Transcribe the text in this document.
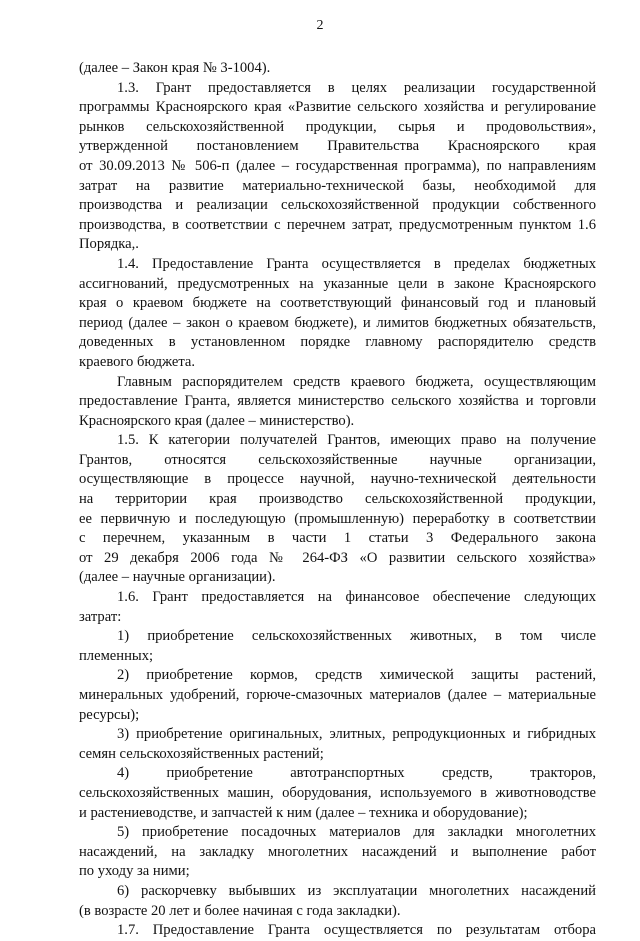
2

(далее – Закон края № 3-1004).

1.3. Грант предоставляется в целях реализации государственной
программы Красноярского края «Развитие сельского хозяйства и регулирование
рынков сельскохозяйственной продукции, сырья и продовольствия»,
утвержденной постановлением Правительства Красноярского края
от 30.09.2013 № 506-п (далее – государственная программа), по направлениям
затрат на развитие материально-технической базы, необходимой для
производства и реализации сельскохозяйственной продукции собственного
производства, в соответствии с перечнем затрат, предусмотренным пунктом 1.6
Порядка,.

1.4. Предоставление Гранта осуществляется в пределах бюджетных
ассигнований, предусмотренных на указанные цели в законе Красноярского
края о краевом бюджете на соответствующий финансовый год и плановый
период (далее – закон о краевом бюджете), и лимитов бюджетных обязательств,
доведенных в установленном порядке главному распорядителю средств
краевого бюджета.

Главным распорядителем средств краевого бюджета, осуществляющим
предоставление Гранта, является министерство сельского хозяйства и торговли
Красноярского края (далее – министерство).

1.5. К категории получателей Грантов, имеющих право на получение
Грантов, относятся сельскохозяйственные научные организации,
осуществляющие в процессе научной, научно-технической деятельности
на территории края производство сельскохозяйственной продукции,
ее первичную и последующую (промышленную) переработку в соответствии
с перечнем, указанным в части 1 статьи 3 Федерального закона
от 29 декабря 2006 года № 264-ФЗ «О развитии сельского хозяйства»
(далее – научные организации).

1.6. Грант предоставляется на финансовое обеспечение следующих
затрат:

1) приобретение сельскохозяйственных животных, в том числе
племенных;

2) приобретение кормов, средств химической защиты растений,
минеральных удобрений, горюче-смазочных материалов (далее – материальные
ресурсы);

3) приобретение оригинальных, элитных, репродукционных и гибридных
семян сельскохозяйственных растений;

4) приобретение автотранспортных средств, тракторов,
сельскохозяйственных машин, оборудования, используемого в животноводстве
и растениеводстве, и запчастей к ним (далее – техника и оборудование);

5) приобретение посадочных материалов для закладки многолетних
насаждений, на закладку многолетних насаждений и выполнение работ
по уходу за ними;

6) раскорчевку выбывших из эксплуатации многолетних насаждений
(в возрасте 20 лет и более начиная с года закладки).

1.7. Предоставление Гранта осуществляется по результатам отбора
